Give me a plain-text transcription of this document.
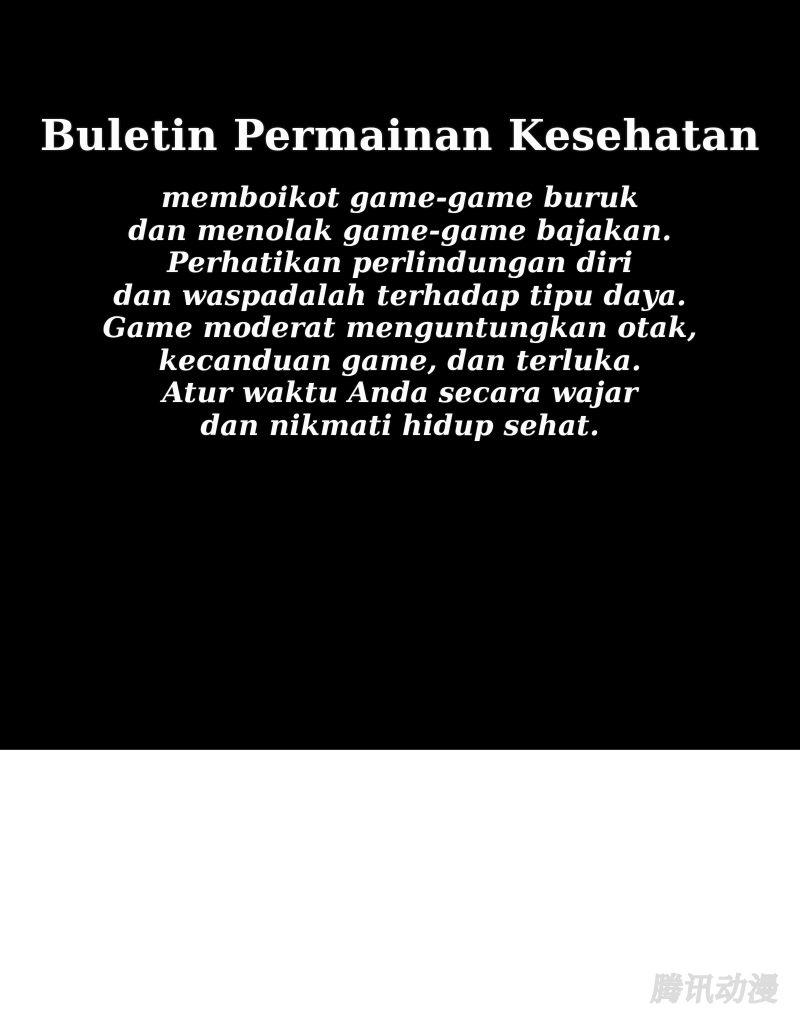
Buletin Permainan Kesehatan
memboikot game-game buruk
dan menolak game-game bajakan.
Perhatikan perlindungan diri
dan waspadalah terhadap tipu daya.
Game moderat menguntungkan otak,
kecanduan game, dan terluka.
Atur waktu Anda secara wajar
dan nikmati hidup sehat.
腾讯动漫
